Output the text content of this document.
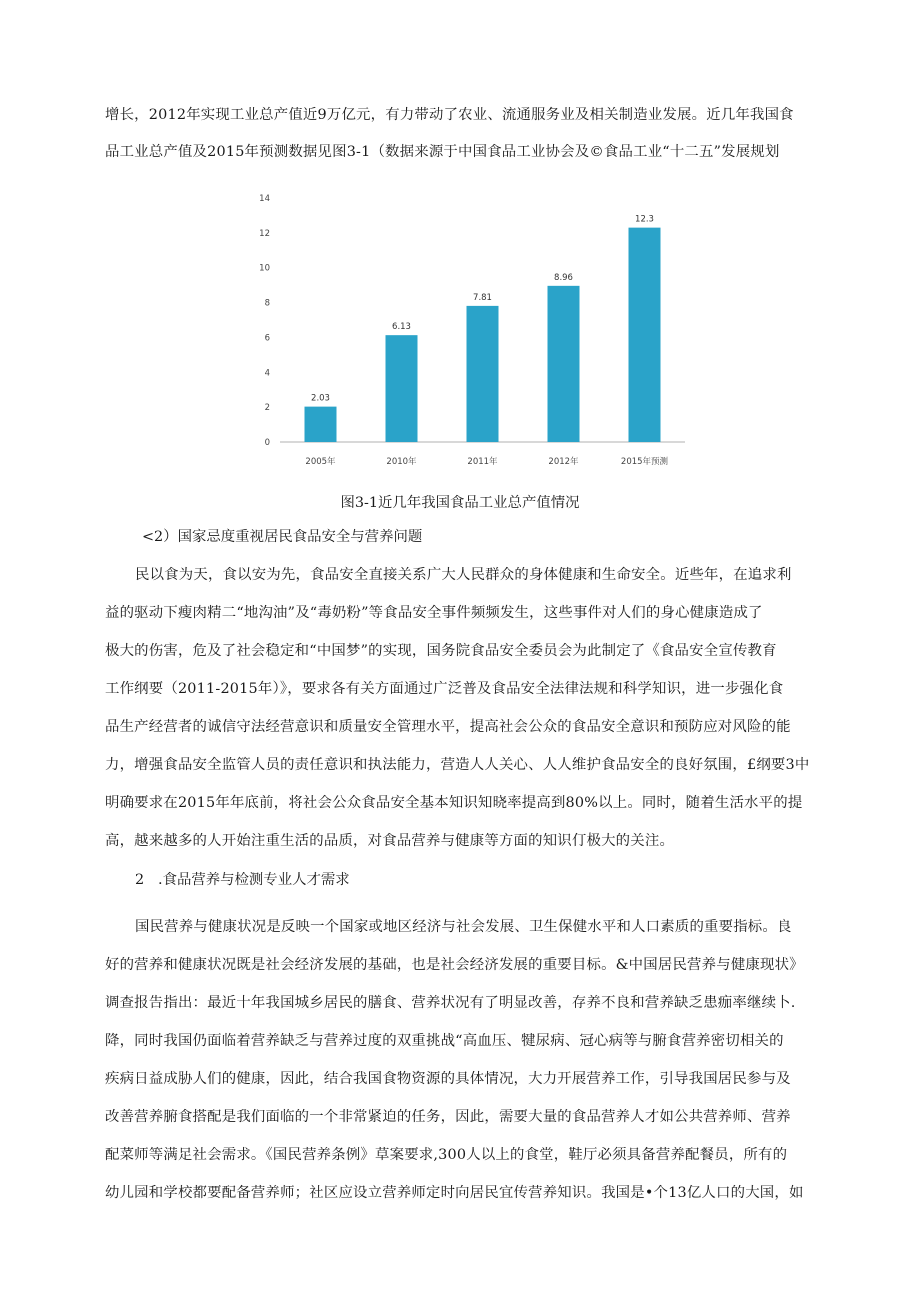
增长，2012年实现工业总产值近9万亿元，有力带动了农业、流通服务业及相关制造业发展。近几年我国食
品工业总产值及2015年预测数据见图3-1（数据来源于中国食品工业协会及©食品工业“十二五”发展规划
0
2
4
6
8
10
12
14
2.03
6.13
7.81
8.96
12.3
2005年	2010年	2011年	2012年	2015年预测
图3-1近几年我国食品工业总产值情况
<2）国家忌度重视居民食品安全与营养问题
民以食为天，食以安为先，食品安全直接关系广大人民群众的身体健康和生命安全。近些年，在追求利
益的驱动下瘦肉精二“地沟油”及“毒奶粉”等食品安全事件频频发生，这些事件对人们的身心健康造成了
极大的伤害，危及了社会稳定和“中国梦”的实现，国务院食品安全委员会为此制定了《食品安全宣传教育
工作纲要（2011-2015年）》，要求各有关方面通过广泛普及食品安全法律法规和科学知识，进一步强化食
品生产经营者的诚信守法经营意识和质量安全管理水平，提高社会公众的食品安全意识和预防应对风险的能
力，增强食品安全监管人员的责任意识和执法能力，营造人人关心、人人维护食品安全的良好氛围，£纲要3中
明确要求在2015年年底前，将社会公众食品安全基本知识知晓率提高到80%以上。同时，随着生活水平的提
高，越来越多的人开始注重生活的品质，对食品营养与健康等方面的知识仃极大的关注。
2 .食品营养与检测专业人才需求
国民营养与健康状况是反映一个国家或地区经济与社会发展、卫生保健水平和人口素质的重要指标。良
好的营养和健康状况既是社会经济发展的基础，也是社会经济发展的重要目标。&中国居民营养与健康现状》
调查报告指出：最近十年我国城乡居民的膳食、营养状况有了明显改善，存养不良和营养缺乏患痂率继续卜.
降，同时我国仍面临着营养缺乏与营养过度的双重挑战“高血压、犍尿病、冠心病等与腑食营养密切相关的
疾病日益成胁人们的健康，因此，结合我国食物资源的具体情况，大力开展营养工作，引导我国居民参与及
改善营养腑食搭配是我们面临的一个非常紧迫的任务，因此，需要大量的食品营养人才如公共营养师、营养
配菜师等满足社会需求。《国民营养条例》草案要求,300人以上的食堂，鞋厅必须具备营养配餐员，所有的
幼儿园和学校都要配备营养师；社区应设立营养师定时向居民宜传营养知识。我国是•个13亿人口的大国，如
